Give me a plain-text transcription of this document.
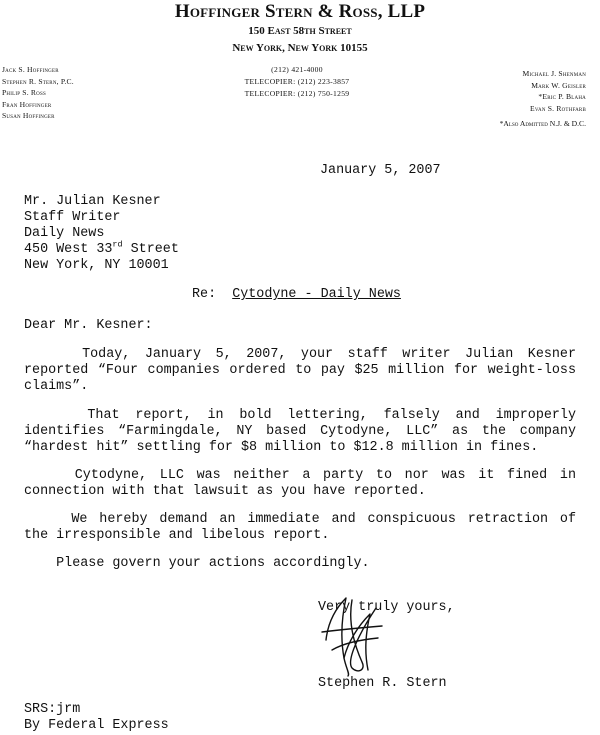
Hoffinger Stern & Ross, LLP
150 East 58th Street
New York, New York 10155
Jack S. Hoffinger
Stephen R. Stern, P.C.
Philip S. Ross
Fran Hoffinger
Susan Hoffinger
(212) 421-4000
TELECOPIER: (212) 223-3857
TELECOPIER: (212) 750-1259
Michael J. Shenman
Mark W. Geisler
*Eric P. Blaha
Evan S. Rothfarb
*Also Admitted N.J. & D.C.
January 5, 2007
Mr. Julian Kesner
Staff Writer
Daily News
450 West 33rd Street
New York, NY 10001
Re: Cytodyne - Daily News
Dear Mr. Kesner:
Today, January 5, 2007, your staff writer Julian Kesner
reported “Four companies ordered to pay $25 million for weight-loss
claims”.
That report, in bold lettering, falsely and improperly
identifies “Farmingdale, NY based Cytodyne, LLC” as the company
“hardest hit” settling for $8 million to $12.8 million in fines.
Cytodyne, LLC was neither a party to nor was it fined in
connection with that lawsuit as you have reported.
We hereby demand an immediate and conspicuous retraction of
the irresponsible and libelous report.
Please govern your actions accordingly.
Very truly yours,
Stephen R. Stern
SRS:jrm
By Federal Express
